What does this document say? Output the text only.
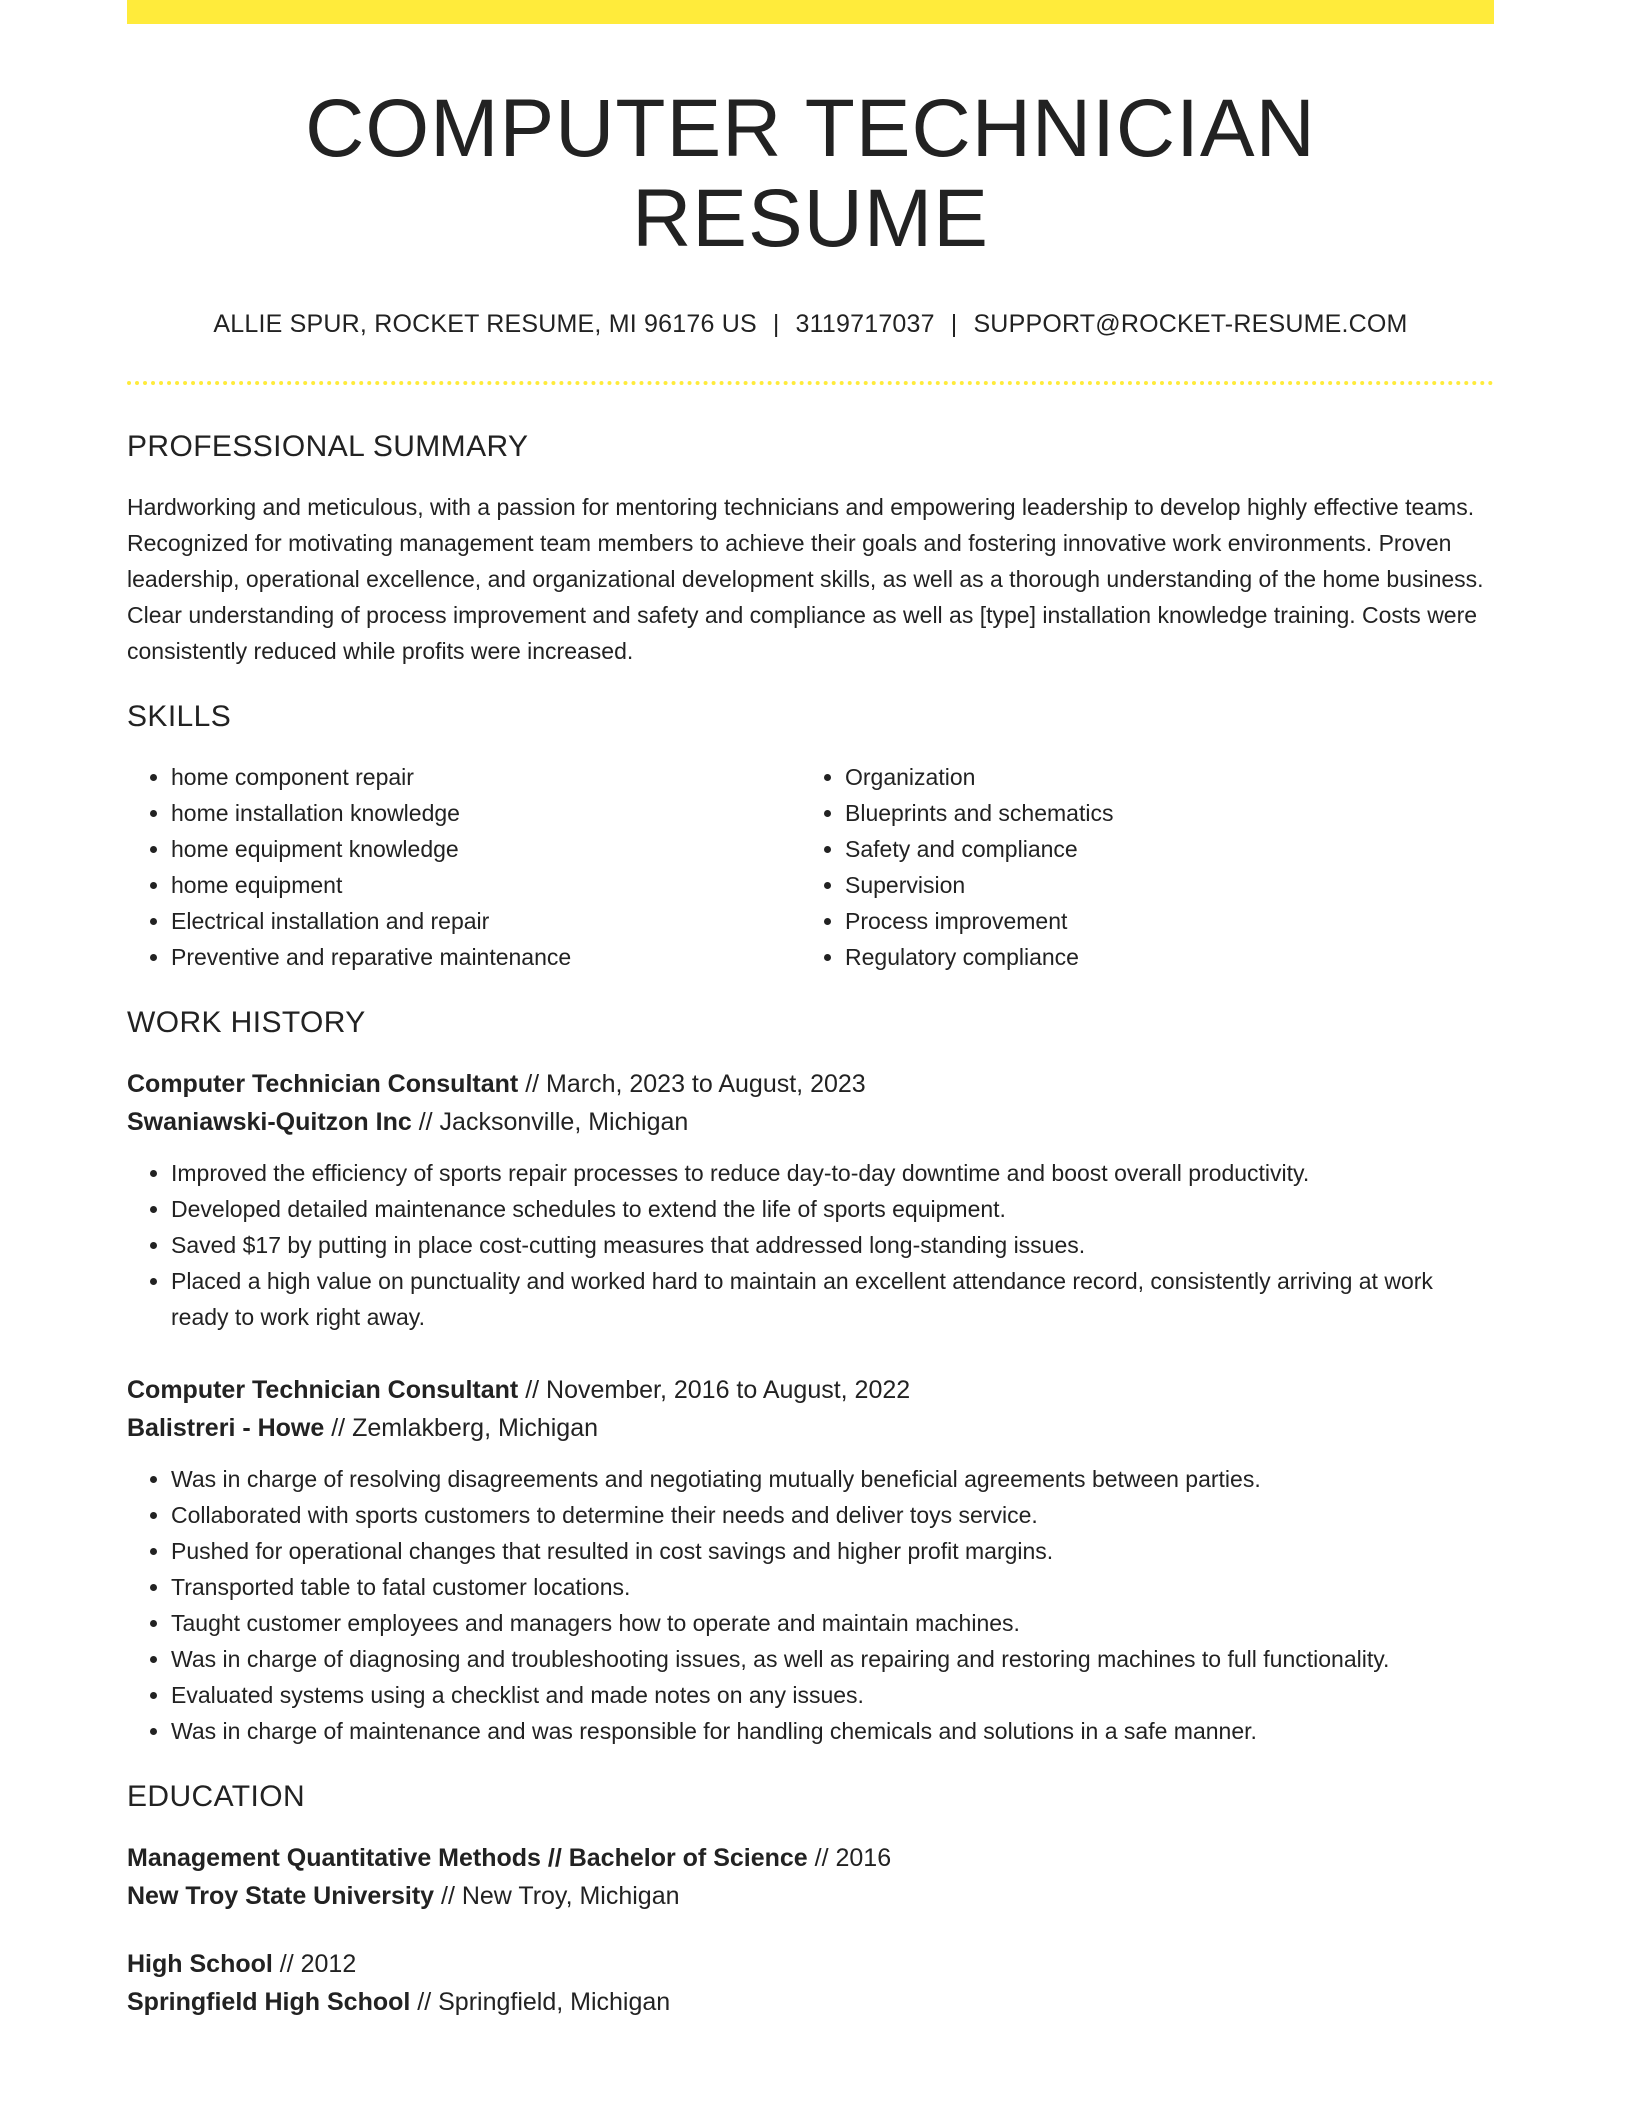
COMPUTER TECHNICIAN RESUME
ALLIE SPUR, ROCKET RESUME, MI 96176 US | 3119717037 | SUPPORT@ROCKET-RESUME.COM
PROFESSIONAL SUMMARY

Hardworking and meticulous, with a passion for mentoring technicians and empowering leadership to develop highly effective teams. Recognized for motivating management team members to achieve their goals and fostering innovative work environments. Proven leadership, operational excellence, and organizational development skills, as well as a thorough understanding of the home business. Clear understanding of process improvement and safety and compliance as well as [type] installation knowledge training. Costs were consistently reduced while profits were increased.

SKILLS
• home component repair
• home installation knowledge
• home equipment knowledge
• home equipment
• Electrical installation and repair
• Preventive and reparative maintenance
• Organization
• Blueprints and schematics
• Safety and compliance
• Supervision
• Process improvement
• Regulatory compliance
WORK HISTORY
Computer Technician Consultant // March, 2023 to August, 2023
Swaniawski-Quitzon Inc // Jacksonville, Michigan
• Improved the efficiency of sports repair processes to reduce day-to-day downtime and boost overall productivity.
• Developed detailed maintenance schedules to extend the life of sports equipment.
• Saved $17 by putting in place cost-cutting measures that addressed long-standing issues.
• Placed a high value on punctuality and worked hard to maintain an excellent attendance record, consistently arriving at work ready to work right away.
Computer Technician Consultant // November, 2016 to August, 2022
Balistreri - Howe // Zemlakberg, Michigan
• Was in charge of resolving disagreements and negotiating mutually beneficial agreements between parties.
• Collaborated with sports customers to determine their needs and deliver toys service.
• Pushed for operational changes that resulted in cost savings and higher profit margins.
• Transported table to fatal customer locations.
• Taught customer employees and managers how to operate and maintain machines.
• Was in charge of diagnosing and troubleshooting issues, as well as repairing and restoring machines to full functionality.
• Evaluated systems using a checklist and made notes on any issues.
• Was in charge of maintenance and was responsible for handling chemicals and solutions in a safe manner.
EDUCATION
Management Quantitative Methods // Bachelor of Science // 2016
New Troy State University // New Troy, Michigan
High School // 2012
Springfield High School // Springfield, Michigan
